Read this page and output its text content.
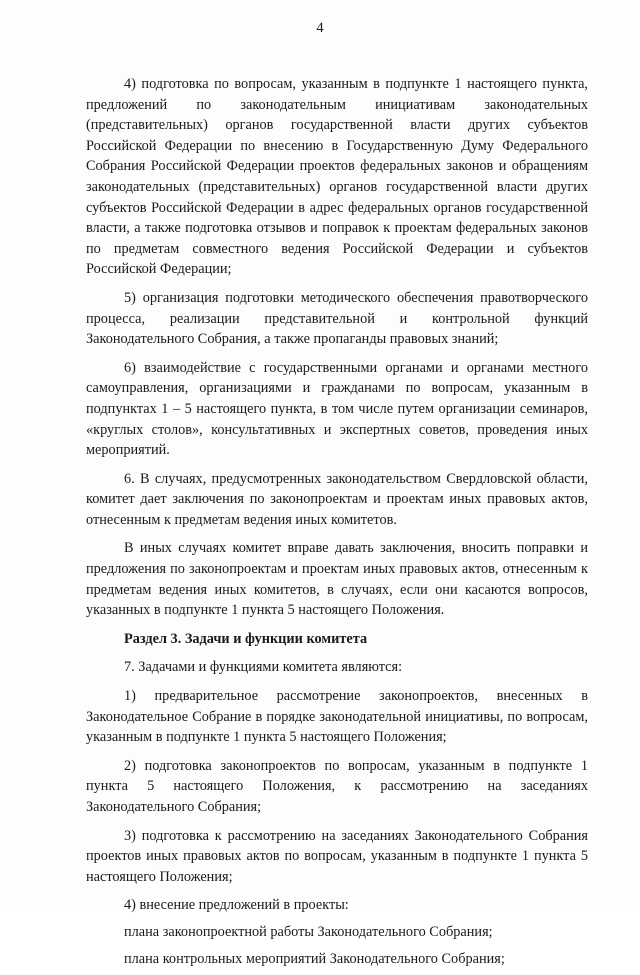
4

4) подготовка по вопросам, указанным в подпункте 1 настоящего пункта, предложений по законодательным инициативам законодательных (представительных) органов государственной власти других субъектов Российской Федерации по внесению в Государственную Думу Федерального Собрания Российской Федерации проектов федеральных законов и обращениям законодательных (представительных) органов государственной власти других субъектов Российской Федерации в адрес федеральных органов государственной власти, а также подготовка отзывов и поправок к проектам федеральных законов по предметам совместного ведения Российской Федерации и субъектов Российской Федерации;

5) организация подготовки методического обеспечения правотворческого процесса, реализации представительной и контрольной функций Законодательного Собрания, а также пропаганды правовых знаний;

6) взаимодействие с государственными органами и органами местного самоуправления, организациями и гражданами по вопросам, указанным в подпунктах 1 – 5 настоящего пункта, в том числе путем организации семинаров, «круглых столов», консультативных и экспертных советов, проведения иных мероприятий.

6. В случаях, предусмотренных законодательством Свердловской области, комитет дает заключения по законопроектам и проектам иных правовых актов, отнесенным к предметам ведения иных комитетов.

В иных случаях комитет вправе давать заключения, вносить поправки и предложения по законопроектам и проектам иных правовых актов, отнесенным к предметам ведения иных комитетов, в случаях, если они касаются вопросов, указанных в подпункте 1 пункта 5 настоящего Положения.

Раздел 3. Задачи и функции комитета

7. Задачами и функциями комитета являются:

1) предварительное рассмотрение законопроектов, внесенных в Законодательное Собрание в порядке законодательной инициативы, по вопросам, указанным в подпункте 1 пункта 5 настоящего Положения;

2) подготовка законопроектов по вопросам, указанным в подпункте 1 пункта 5 настоящего Положения, к рассмотрению на заседаниях Законодательного Собрания;

3) подготовка к рассмотрению на заседаниях Законодательного Собрания проектов иных правовых актов по вопросам, указанным в подпункте 1 пункта 5 настоящего Положения;

4) внесение предложений в проекты:

плана законопроектной работы Законодательного Собрания;

плана контрольных мероприятий Законодательного Собрания;
